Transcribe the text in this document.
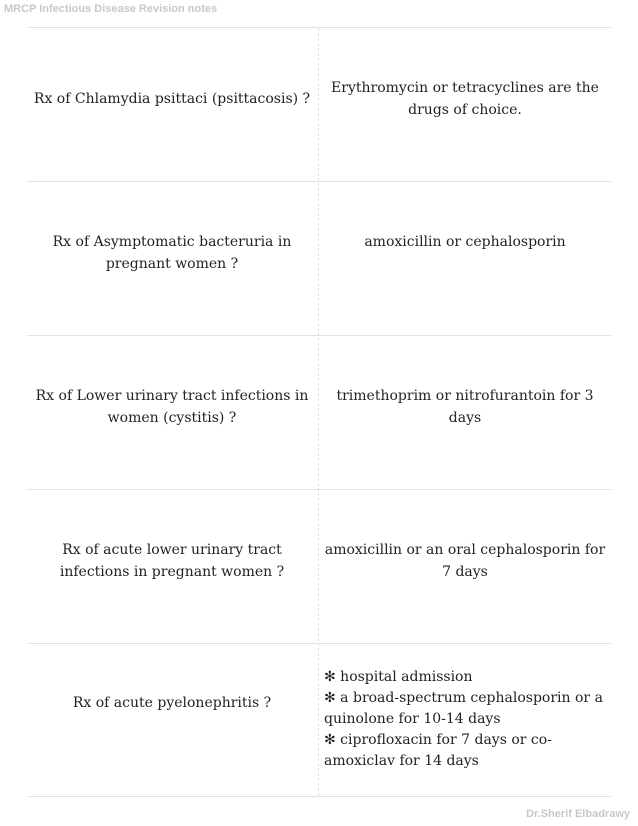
MRCP Infectious Disease Revision notes
Rx of Chlamydia psittaci (psittacosis) ?
Erythromycin or tetracyclines are the drugs of choice.
Rx of Asymptomatic bacteruria in pregnant women ?
amoxicillin or cephalosporin
Rx of Lower urinary tract infections in women (cystitis) ?
trimethoprim or nitrofurantoin for 3 days
Rx of acute lower urinary tract infections in pregnant women ?
amoxicillin or an oral cephalosporin for 7 days
Rx of acute pyelonephritis ?
✻ hospital admission
✻ a broad-spectrum cephalosporin or a quinolone for 10-14 days
✻ ciprofloxacin for 7 days or co-amoxiclav for 14 days
Dr.Sherif Elbadrawy
